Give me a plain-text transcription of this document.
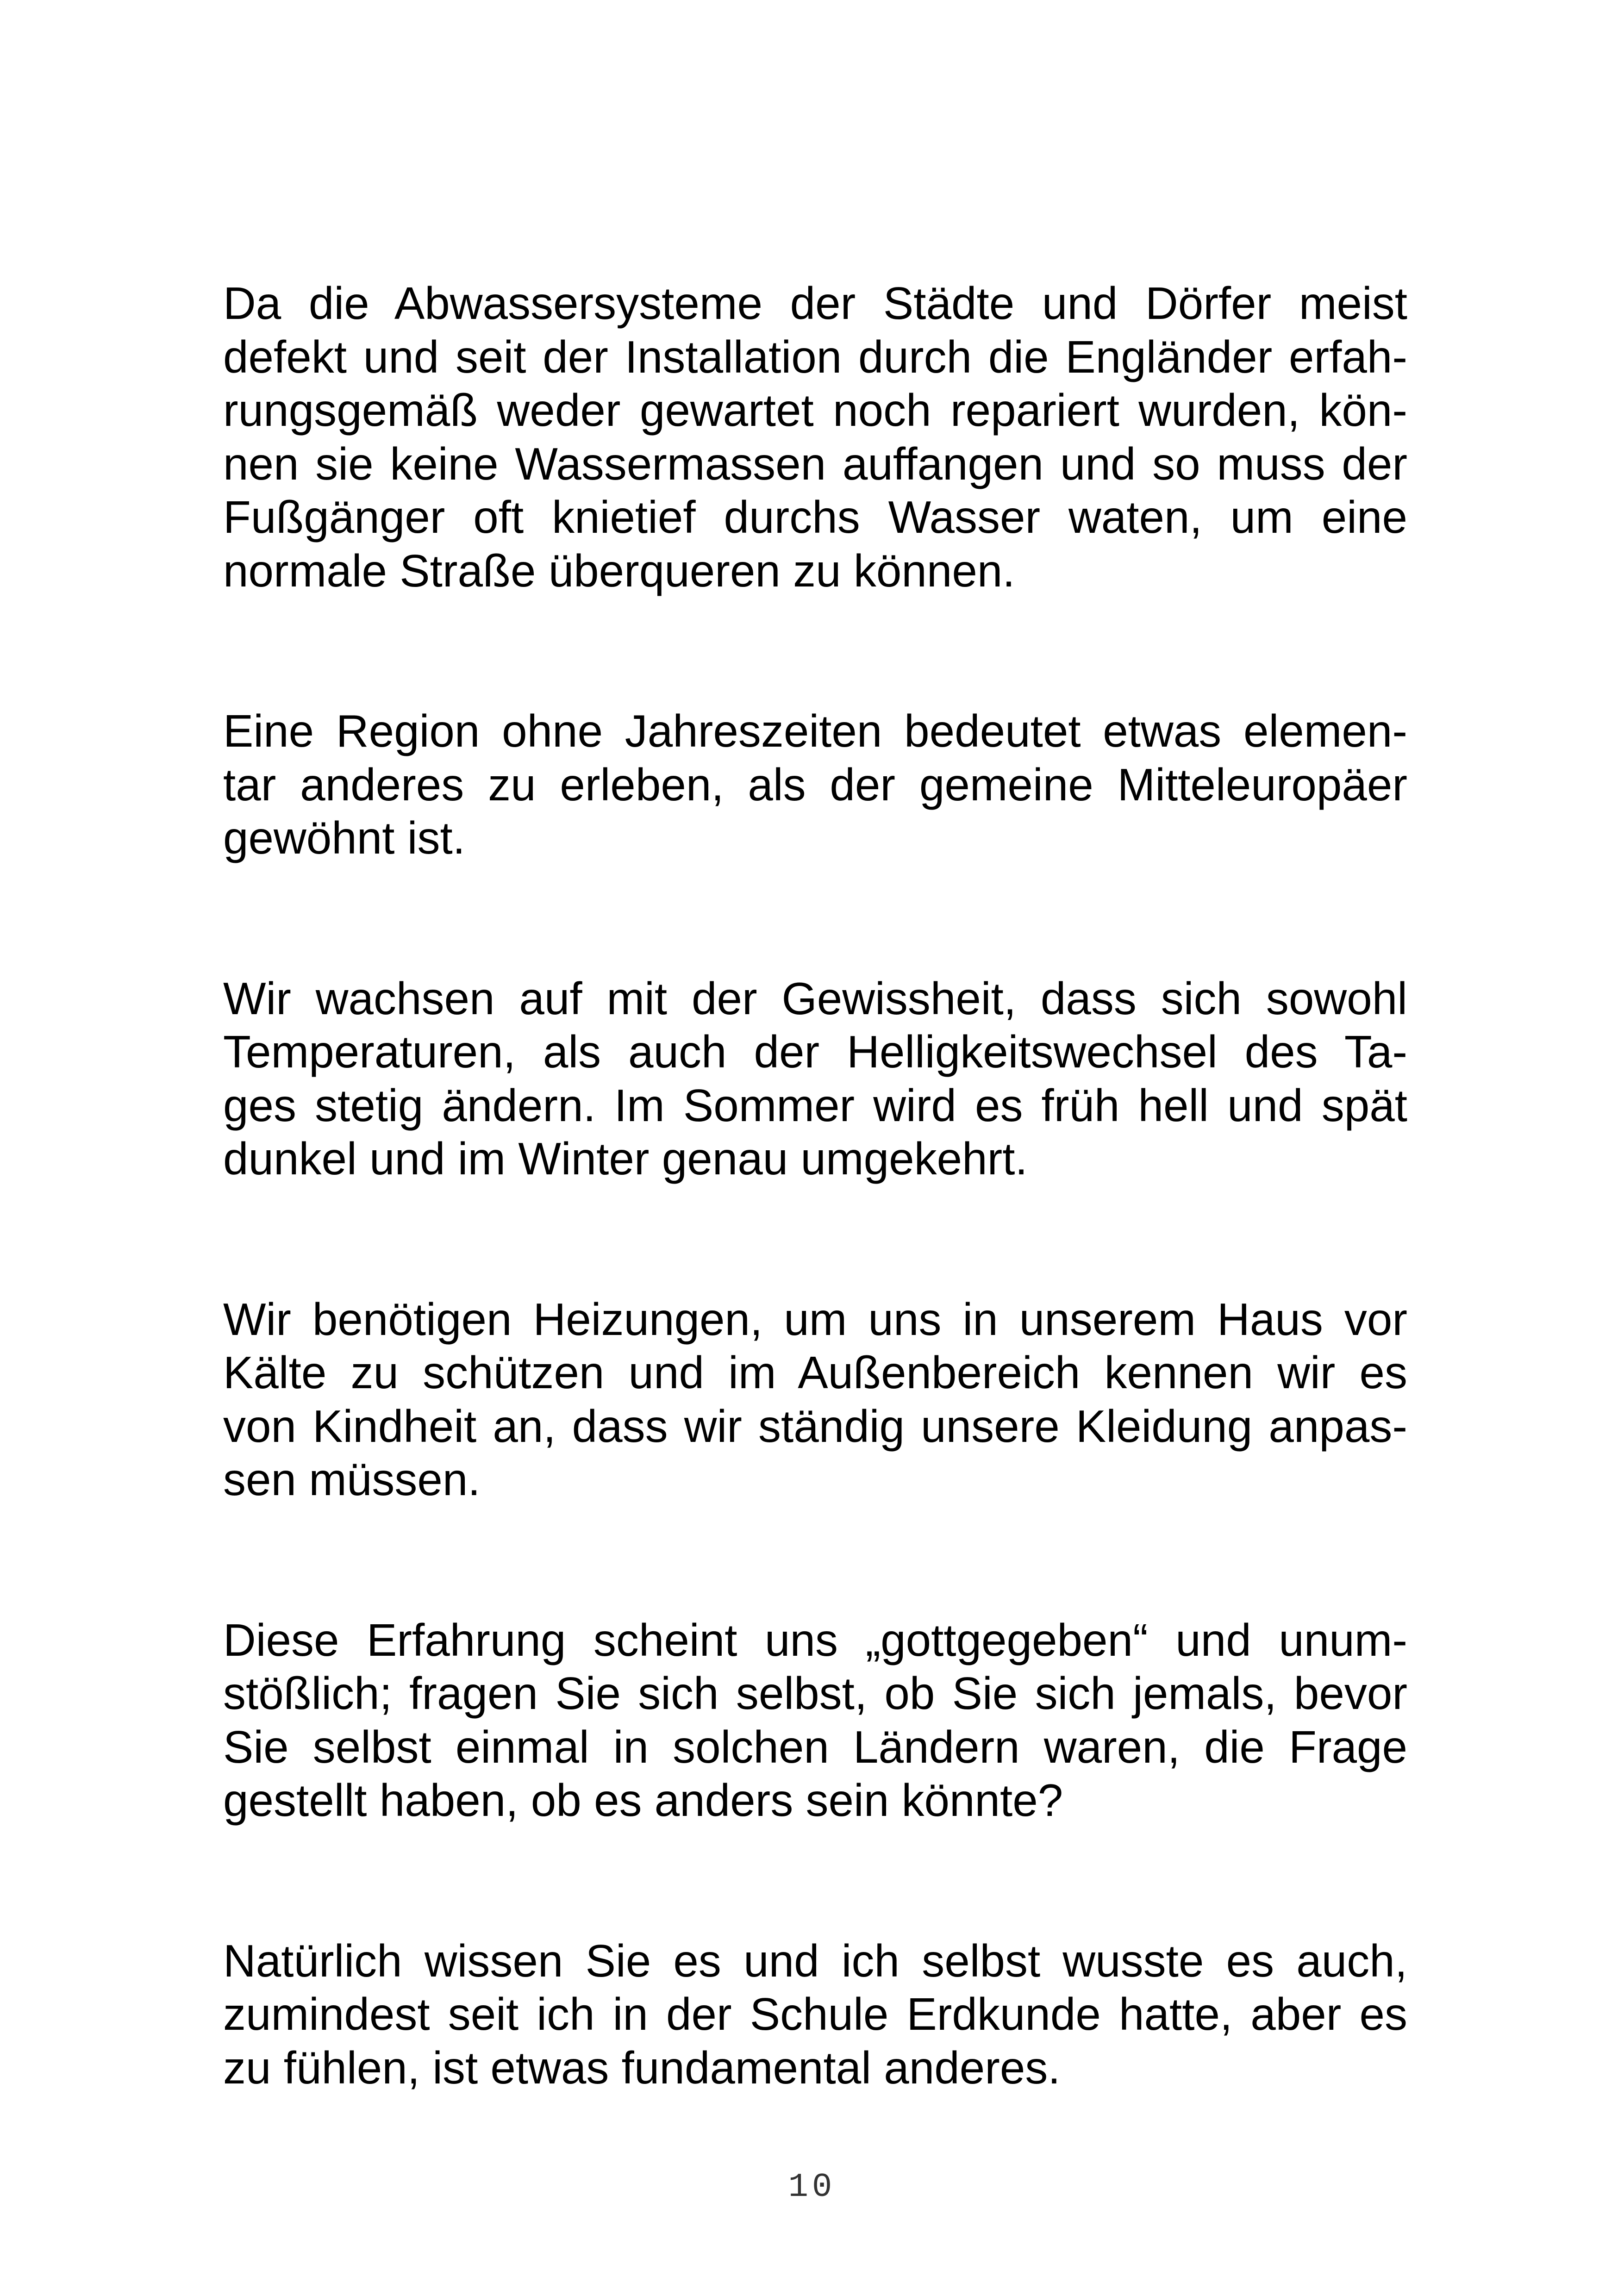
Da die Abwassersysteme der Städte und Dörfer meist
defekt und seit der Installation durch die Engländer erfah-
rungsgemäß weder gewartet noch repariert wurden, kön-
nen sie keine Wassermassen auffangen und so muss der
Fußgänger oft knietief durchs Wasser waten, um eine
normale Straße überqueren zu können.

Eine Region ohne Jahreszeiten bedeutet etwas elemen-
tar anderes zu erleben, als der gemeine Mitteleuropäer
gewöhnt ist.

Wir wachsen auf mit der Gewissheit, dass sich sowohl
Temperaturen, als auch der Helligkeitswechsel des Ta-
ges stetig ändern. Im Sommer wird es früh hell und spät
dunkel und im Winter genau umgekehrt.

Wir benötigen Heizungen, um uns in unserem Haus vor
Kälte zu schützen und im Außenbereich kennen wir es
von Kindheit an, dass wir ständig unsere Kleidung anpas-
sen müssen.

Diese Erfahrung scheint uns „gottgegeben“ und unum-
stößlich; fragen Sie sich selbst, ob Sie sich jemals, bevor
Sie selbst einmal in solchen Ländern waren, die Frage
gestellt haben, ob es anders sein könnte?

Natürlich wissen Sie es und ich selbst wusste es auch,
zumindest seit ich in der Schule Erdkunde hatte, aber es
zu fühlen, ist etwas fundamental anderes.

10
